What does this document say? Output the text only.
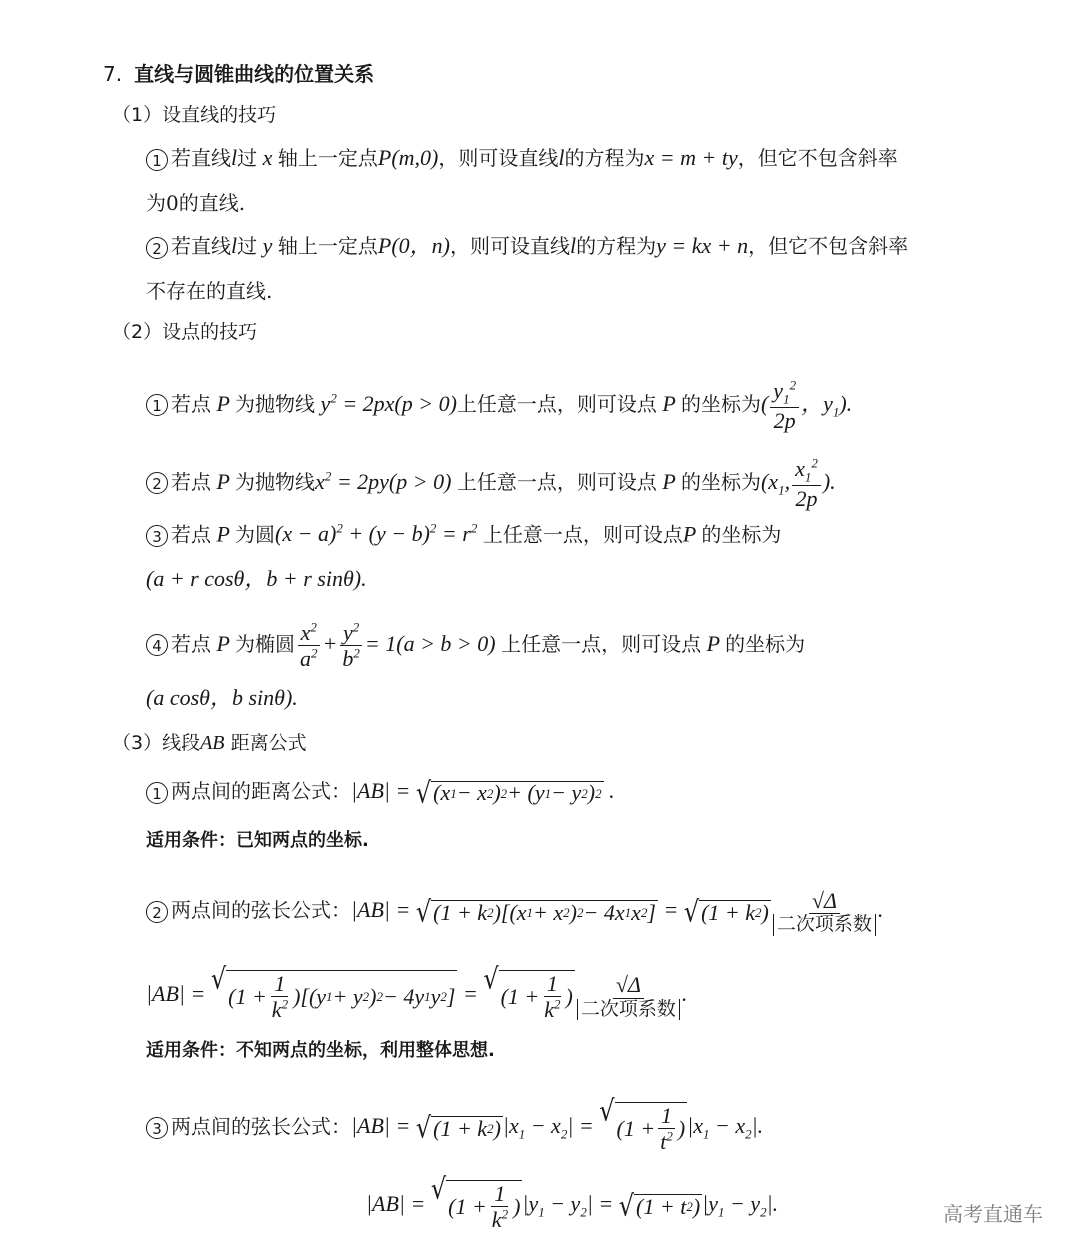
7. 直线与圆锥曲线的位置关系
（1）设直线的技巧
1 若直线l过 x 轴上一定点P(m,0)，则可设直线l的方程为x = m + ty，但它不包含斜率
为0的直线.
2 若直线l过 y 轴上一定点P(0，n)，则可设直线l的方程为y = kx + n，但它不包含斜率
不存在的直线.
（2）设点的技巧
1 若点 P 为抛物线 $y^2 = 2px(p > 0)$上任意一点，则可设点 P 的坐标为( $\frac{y_1^2}{2p}$ ，$y_1$).
2 若点 P 为抛物线$x^2 = 2py(p > 0)$ 上任意一点，则可设点 P 的坐标为($x_1$, $\frac{x_1^2}{2p}$ ).
3 若点 P 为圆$(x - a)^2 + (y - b)^2 = r^2$ 上任意一点，则可设点P 的坐标为
(a + r cosθ，b + r sinθ).
4 若点 P 为椭圆 $\frac{x^2}{a^2} + \frac{y^2}{b^2} = 1(a > b > 0)$ 上任意一点，则可设点 P 的坐标为
(a cosθ，b sinθ).
（3）线段AB 距离公式
1 两点间的距离公式：|AB| = √ (x 1 − x 2 ) 2 + (y 1 − y 2 ) 2 .
适用条件：已知两点的坐标.
2 两点间的弦长公式：|AB| = √ (1 + k 2 )[(x 1 + x 2 ) 2 − 4x 1 x 2 ] = √ (1 + k 2 ) $\frac{√\Delta}{\text{二次项系数}}$ .
|AB| = √
$(1 + \frac{1}{k^2} )[(y$ 1 + y 2 ) 2 − 4y 1 y 2 ] = √
($1 + \frac{1}{k^2}$ ) $\frac{√\Delta}{\text{二次项系数}}$ .
适用条件：不知两点的坐标，利用整体思想.
3 两点间的弦长公式：|AB| = √ (1 + k 2 ) $|x_1 - x_2|$ = √
($1 + \frac{1}{t^2}$ ) $|x_1 - x_2|$.
|AB| = √
($1 + \frac{1}{k^2}$ ) $|y_1 - y_2|$ = √ (1 + t 2 ) $|y_1 - y_2|$.	高考直通车
